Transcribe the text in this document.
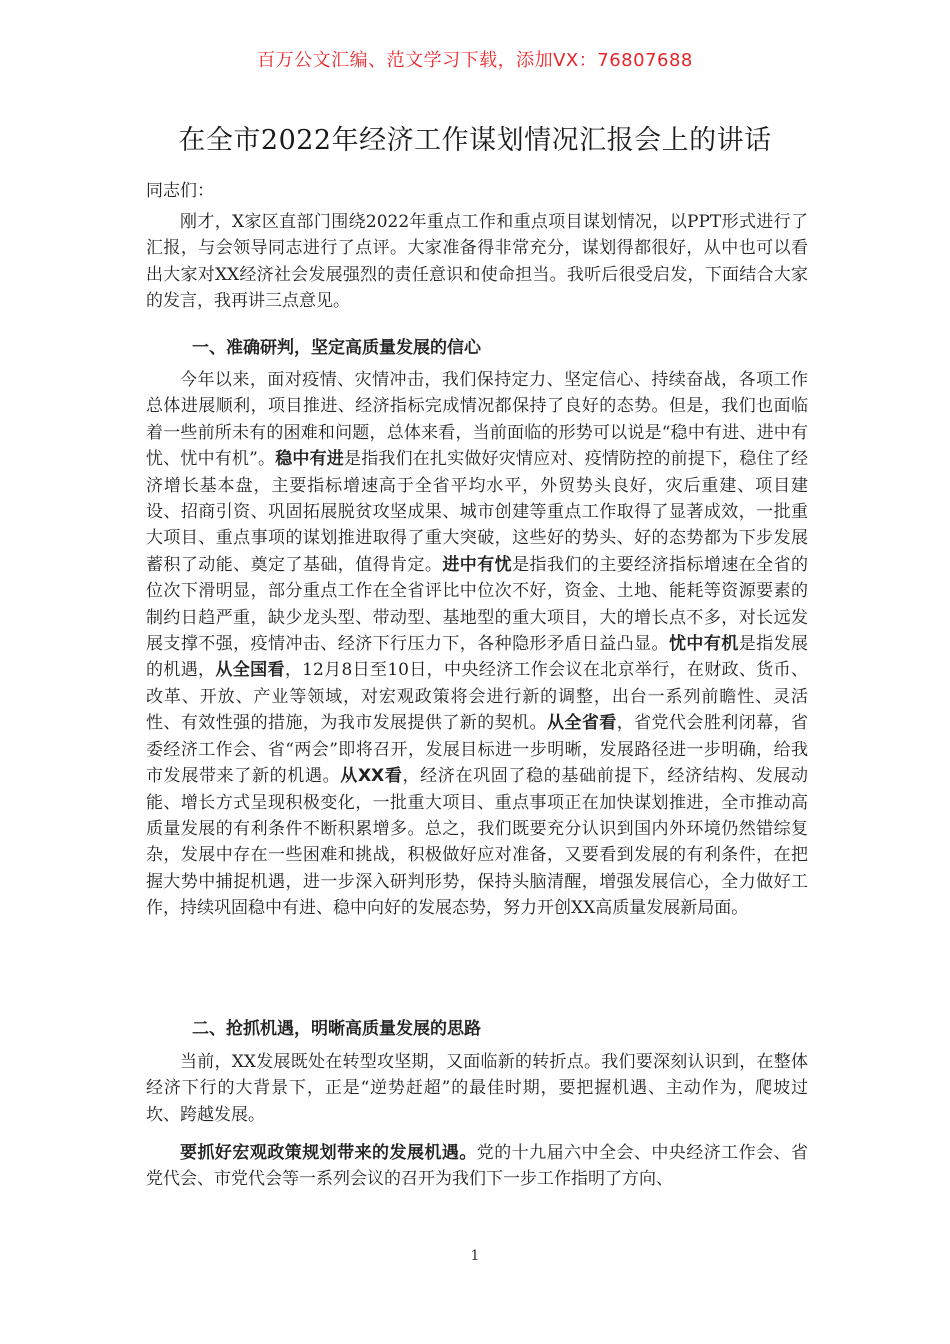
百万公文汇编、范文学习下载，添加VX：76807688
在全市2022年经济工作谋划情况汇报会上的讲话
同志们：

刚才，X家区直部门围绕2022年重点工作和重点项目谋划情况，以PPT形式进行了汇报，与会领导同志进行了点评。大家准备得非常充分，谋划得都很好，从中也可以看出大家对XX经济社会发展强烈的责任意识和使命担当。我听后很受启发，下面结合大家的发言，我再讲三点意见。

一、准确研判，坚定高质量发展的信心

今年以来，面对疫情、灾情冲击，我们保持定力、坚定信心、持续奋战，各项工作总体进展顺利，项目推进、经济指标完成情况都保持了良好的态势。但是，我们也面临着一些前所未有的困难和问题，总体来看，当前面临的形势可以说是“稳中有进、进中有忧、忧中有机”。稳中有进是指我们在扎实做好灾情应对、疫情防控的前提下，稳住了经济增长基本盘，主要指标增速高于全省平均水平，外贸势头良好，灾后重建、项目建设、招商引资、巩固拓展脱贫攻坚成果、城市创建等重点工作取得了显著成效，一批重大项目、重点事项的谋划推进取得了重大突破，这些好的势头、好的态势都为下步发展蓄积了动能、奠定了基础，值得肯定。进中有忧是指我们的主要经济指标增速在全省的位次下滑明显，部分重点工作在全省评比中位次不好，资金、土地、能耗等资源要素的制约日趋严重，缺少龙头型、带动型、基地型的重大项目，大的增长点不多，对长远发展支撑不强，疫情冲击、经济下行压力下，各种隐形矛盾日益凸显。忧中有机是指发展的机遇，从全国看，12月8日至10日，中央经济工作会议在北京举行，在财政、货币、改革、开放、产业等领域，对宏观政策将会进行新的调整，出台一系列前瞻性、灵活性、有效性强的措施，为我市发展提供了新的契机。从全省看，省党代会胜利闭幕，省委经济工作会、省“两会”即将召开，发展目标进一步明晰，发展路径进一步明确，给我市发展带来了新的机遇。从XX看，经济在巩固了稳的基础前提下，经济结构、发展动能、增长方式呈现积极变化，一批重大项目、重点事项正在加快谋划推进，全市推动高质量发展的有利条件不断积累增多。总之，我们既要充分认识到国内外环境仍然错综复杂，发展中存在一些困难和挑战，积极做好应对准备，又要看到发展的有利条件，在把握大势中捕捉机遇，进一步深入研判形势，保持头脑清醒，增强发展信心，全力做好工作，持续巩固稳中有进、稳中向好的发展态势，努力开创XX高质量发展新局面。

二、抢抓机遇，明晰高质量发展的思路

当前，XX发展既处在转型攻坚期，又面临新的转折点。我们要深刻认识到，在整体经济下行的大背景下，正是“逆势赶超”的最佳时期，要把握机遇、主动作为，爬坡过坎、跨越发展。

要抓好宏观政策规划带来的发展机遇。党的十九届六中全会、中央经济工作会、省党代会、市党代会等一系列会议的召开为我们下一步工作指明了方向、

1
